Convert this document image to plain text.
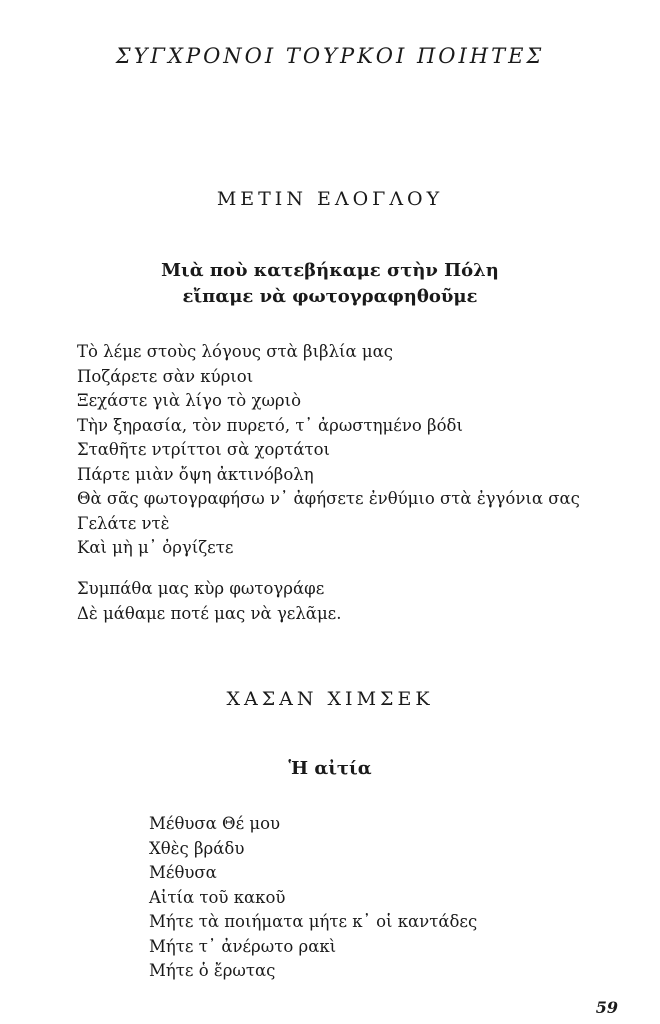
ΣΥΓΧΡΟΝΟΙ ΤΟΥΡΚΟΙ ΠΟΙΗΤΕΣ
ΜΕΤΙΝ ΕΛΟΓΛΟΥ
Μιὰ ποὺ κατεβήκαμε στὴν Πόλη
εἴπαμε νὰ φωτογραφηθοῦμε
Τὸ λέμε στοὺς λόγους στὰ βιβλία μας
Ποζάρετε σὰν κύριοι
Ξεχάστε γιὰ λίγο τὸ χωριὸ
Τὴν ξηρασία, τὸν πυρετό, τ᾿ ἀρωστημένο βόδι
Σταθῆτε ντρίττοι σὰ χορτάτοι
Πάρτε μιὰν ὄψη ἀκτινόβολη
Θὰ σᾶς φωτογραφήσω ν᾿ ἀφήσετε ἐνθύμιο στὰ ἐγγόνια σας
Γελάτε ντὲ
Καὶ μὴ μ᾿ ὀργίζετε
Συμπάθα μας κὺρ φωτογράφε
Δὲ μάθαμε ποτέ μας νὰ γελᾶμε.
ΧΑΣΑΝ ΧΙΜΣΕΚ
Ἡ αἰτία
Μέθυσα Θέ μου
Χθὲς βράδυ
Μέθυσα
Αἰτία τοῦ κακοῦ
Μήτε τὰ ποιήματα μήτε κ᾿ οἱ καντάδες
Μήτε τ᾿ ἀνέρωτο ρακὶ
Μήτε ὁ ἔρωτας
59
